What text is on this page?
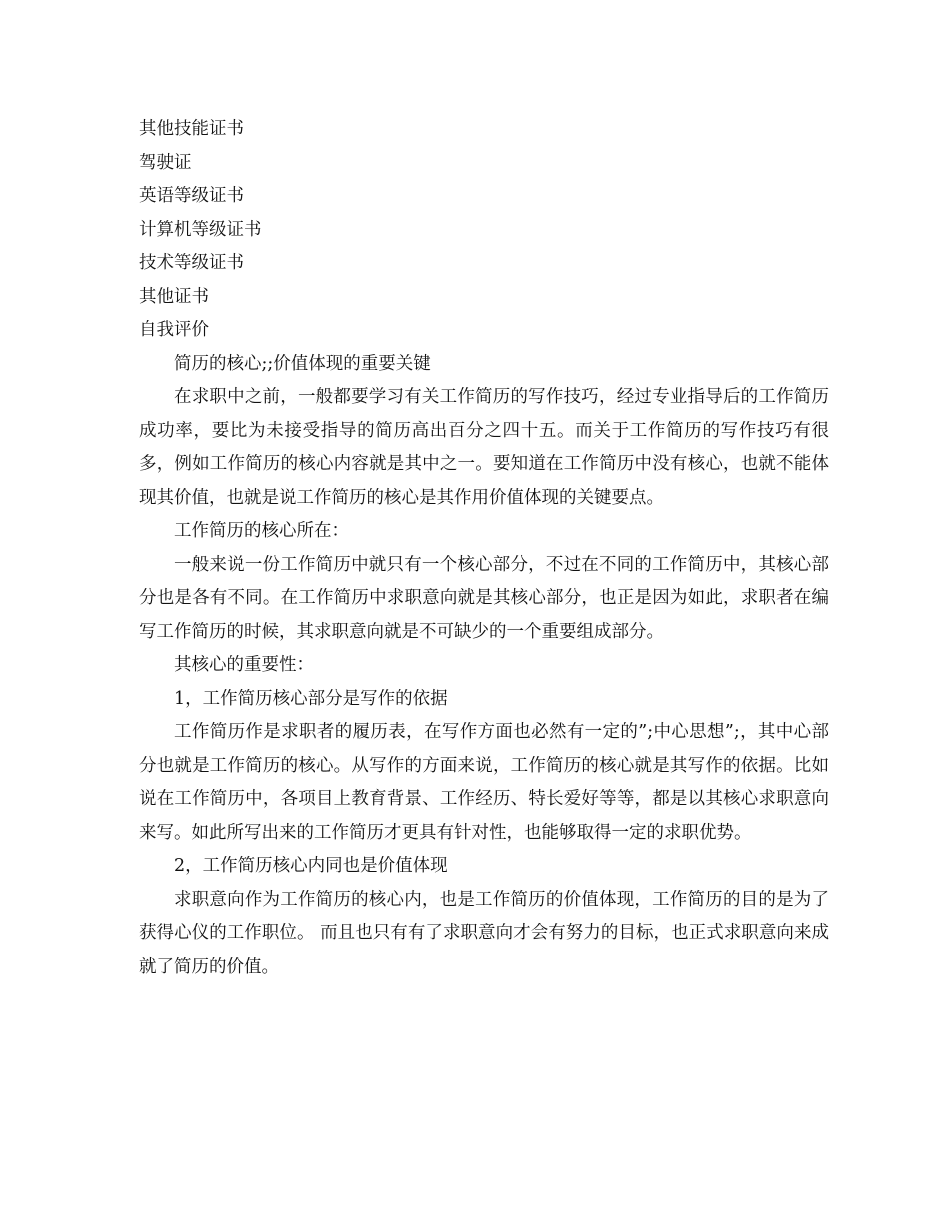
其他技能证书
驾驶证
英语等级证书
计算机等级证书
技术等级证书
其他证书
自我评价

简历的核心;;价值体现的重要关键

在求职中之前，一般都要学习有关工作简历的写作技巧，经过专业指导后的工作简历成功率，要比为未接受指导的简历高出百分之四十五。而关于工作简历的写作技巧有很多，例如工作简历的核心内容就是其中之一。要知道在工作简历中没有核心，也就不能体现其价值，也就是说工作简历的核心是其作用价值体现的关键要点。

工作简历的核心所在：

一般来说一份工作简历中就只有一个核心部分，不过在不同的工作简历中，其核心部分也是各有不同。在工作简历中求职意向就是其核心部分，也正是因为如此，求职者在编写工作简历的时候，其求职意向就是不可缺少的一个重要组成部分。

其核心的重要性：

1，工作简历核心部分是写作的依据

工作简历作是求职者的履历表，在写作方面也必然有一定的”;中心思想”;，其中心部分也就是工作简历的核心。从写作的方面来说，工作简历的核心就是其写作的依据。比如说在工作简历中，各项目上教育背景、工作经历、特长爱好等等，都是以其核心求职意向来写。如此所写出来的工作简历才更具有针对性，也能够取得一定的求职优势。

2，工作简历核心内同也是价值体现

求职意向作为工作简历的核心内，也是工作简历的价值体现，工作简历的目的是为了获得心仪的工作职位。 而且也只有有了求职意向才会有努力的目标，也正式求职意向来成就了简历的价值。
